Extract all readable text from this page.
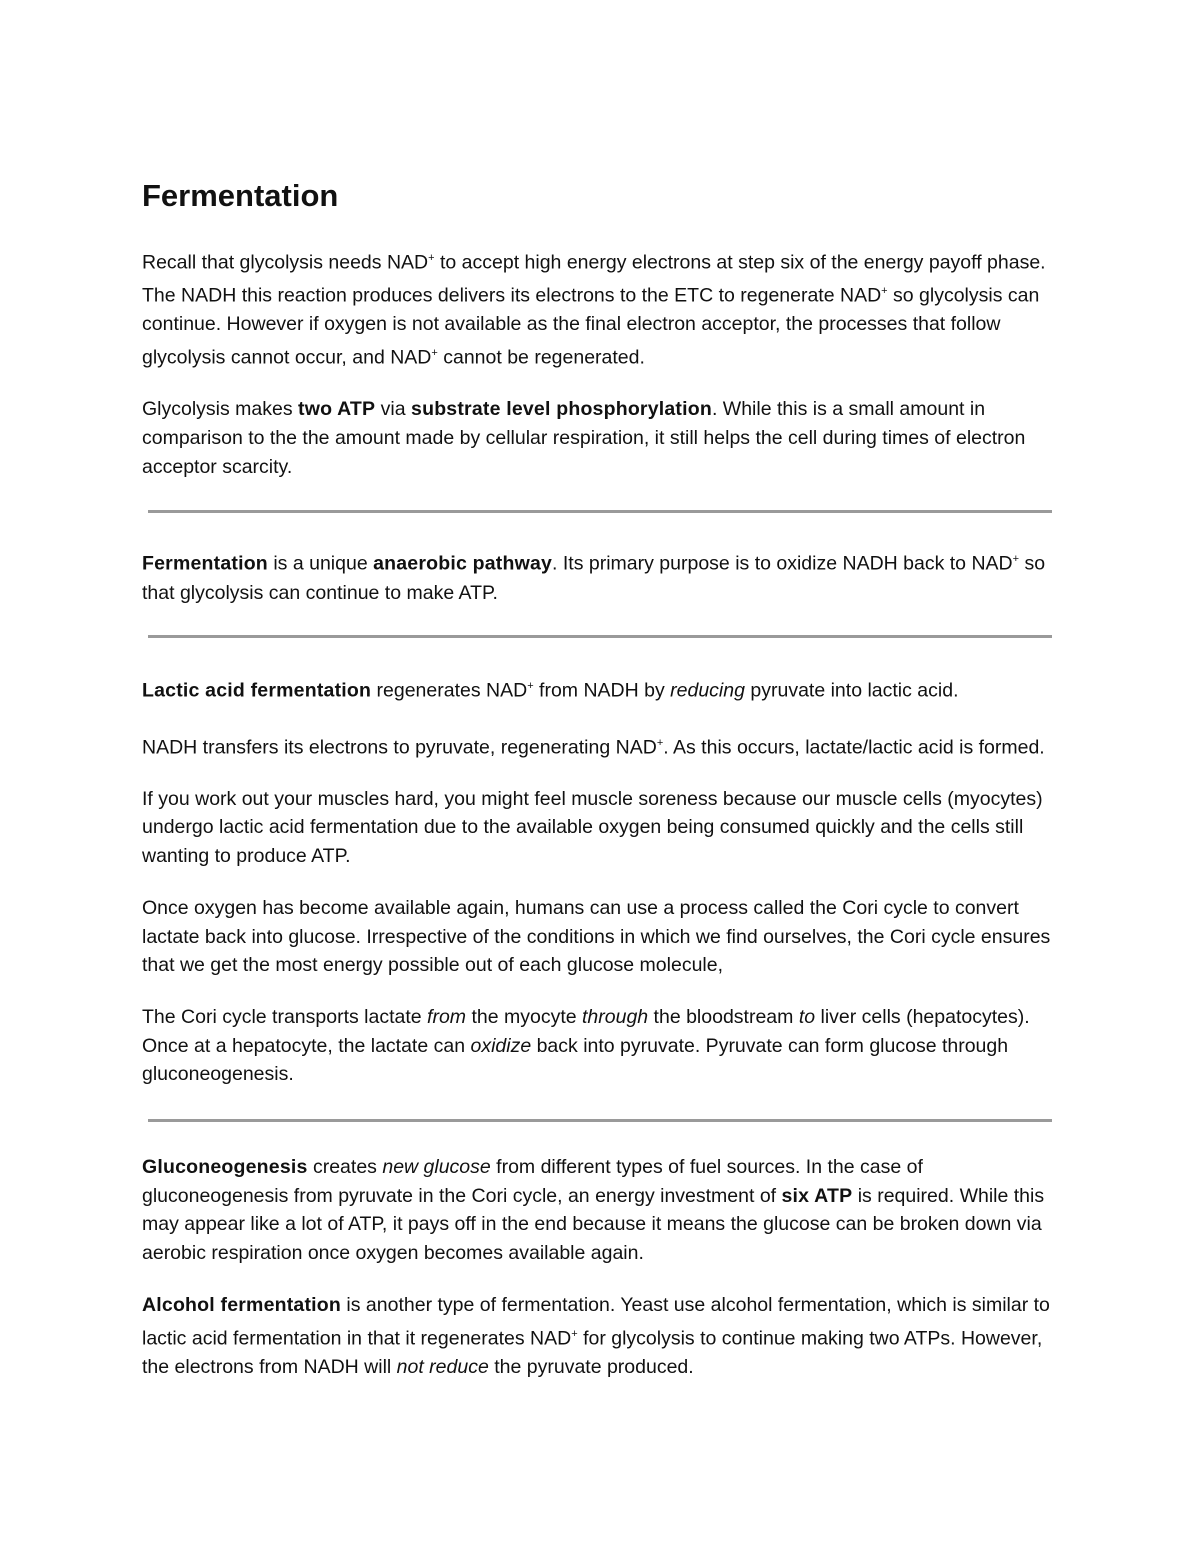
Fermentation

Recall that glycolysis needs NAD+ to accept high energy electrons at step six of the energy payoff phase. The NADH this reaction produces delivers its electrons to the ETC to regenerate NAD+ so glycolysis can continue. However if oxygen is not available as the final electron acceptor, the processes that follow glycolysis cannot occur, and NAD+ cannot be regenerated.

Glycolysis makes two ATP via substrate level phosphorylation. While this is a small amount in comparison to the the amount made by cellular respiration, it still helps the cell during times of electron acceptor scarcity.

Fermentation is a unique anaerobic pathway. Its primary purpose is to oxidize NADH back to NAD+ so that glycolysis can continue to make ATP.

Lactic acid fermentation regenerates NAD+ from NADH by reducing pyruvate into lactic acid.

NADH transfers its electrons to pyruvate, regenerating NAD+. As this occurs, lactate/lactic acid is formed.

If you work out your muscles hard, you might feel muscle soreness because our muscle cells (myocytes) undergo lactic acid fermentation due to the available oxygen being consumed quickly and the cells still wanting to produce ATP.

Once oxygen has become available again, humans can use a process called the Cori cycle to convert lactate back into glucose. Irrespective of the conditions in which we find ourselves, the Cori cycle ensures that we get the most energy possible out of each glucose molecule,

The Cori cycle transports lactate from the myocyte through the bloodstream to liver cells (hepatocytes). Once at a hepatocyte, the lactate can oxidize back into pyruvate. Pyruvate can form glucose through gluconeogenesis.

Gluconeogenesis creates new glucose from different types of fuel sources. In the case of gluconeogenesis from pyruvate in the Cori cycle, an energy investment of six ATP is required. While this may appear like a lot of ATP, it pays off in the end because it means the glucose can be broken down via aerobic respiration once oxygen becomes available again.

Alcohol fermentation is another type of fermentation. Yeast use alcohol fermentation, which is similar to lactic acid fermentation in that it regenerates NAD+ for glycolysis to continue making two ATPs. However, the electrons from NADH will not reduce the pyruvate produced.
